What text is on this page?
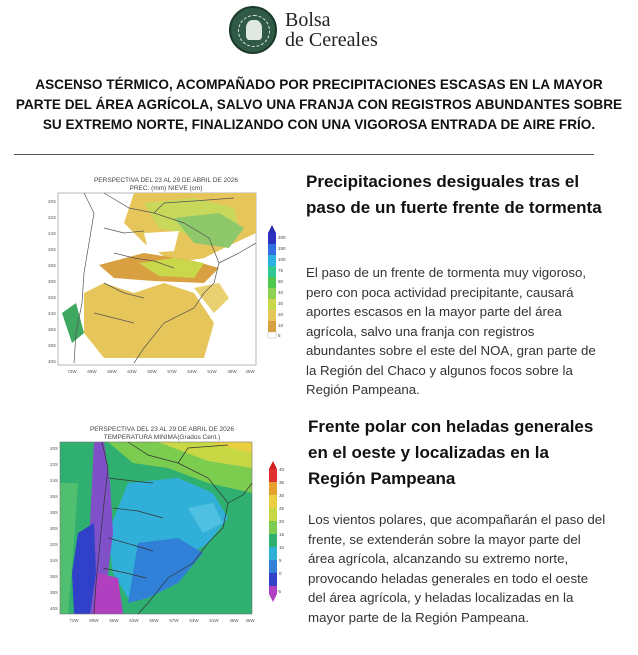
Bolsa
de Cereales
ASCENSO TÉRMICO, ACOMPAÑADO POR PRECIPITACIONES ESCASAS EN LA MAYOR PARTE DEL ÁREA AGRÍCOLA, SALVO UNA FRANJA CON REGISTROS ABUNDANTES SOBRE SU EXTREMO NORTE, FINALIZANDO CON UNA VIGOROSA ENTRADA DE AIRE FRÍO.
PERSPECTIVA DEL 23 AL 29 DE ABRIL DE 2026
PREC. (mm) NIEVE (cm)
20S
22S
24S
26S
28S
30S
32S
34S
36S
38S
40S
72W 69W 66W 63W 60W 57W 54W 51W 48W 45W
200
150
100
75
50
40
30
20
10
5
Precipitaciones desiguales tras el paso de un fuerte frente de tormenta
El paso de un frente de tormenta muy vigoroso, pero con poca actividad precipitante, causará aportes escasos en la mayor parte del área agrícola, salvo una franja con registros abundantes sobre el este del NOA, gran parte de la Región del Chaco y algunos focos sobre la Región Pampeana.
PERSPECTIVA DEL 23 AL 29 DE ABRIL DE 2026
TEMPERATURA MINIMA(Grados Cent.)
20S
22S
24S
26S
28S
30S
32S
34S
36S
38S
40S
72W 69W 66W 63W 60W 57W 54W 51W 48W 45W
40
35
30
25
20
15
10
5
0
-5
Frente polar con heladas generales en el oeste y localizadas en la Región Pampeana
Los vientos polares, que acompañarán el paso del frente, se extenderán sobre la mayor parte del área agrícola, alcanzando su extremo norte, provocando heladas generales en todo el oeste del área agrícola, y heladas localizadas en la mayor parte de la Región Pampeana.
